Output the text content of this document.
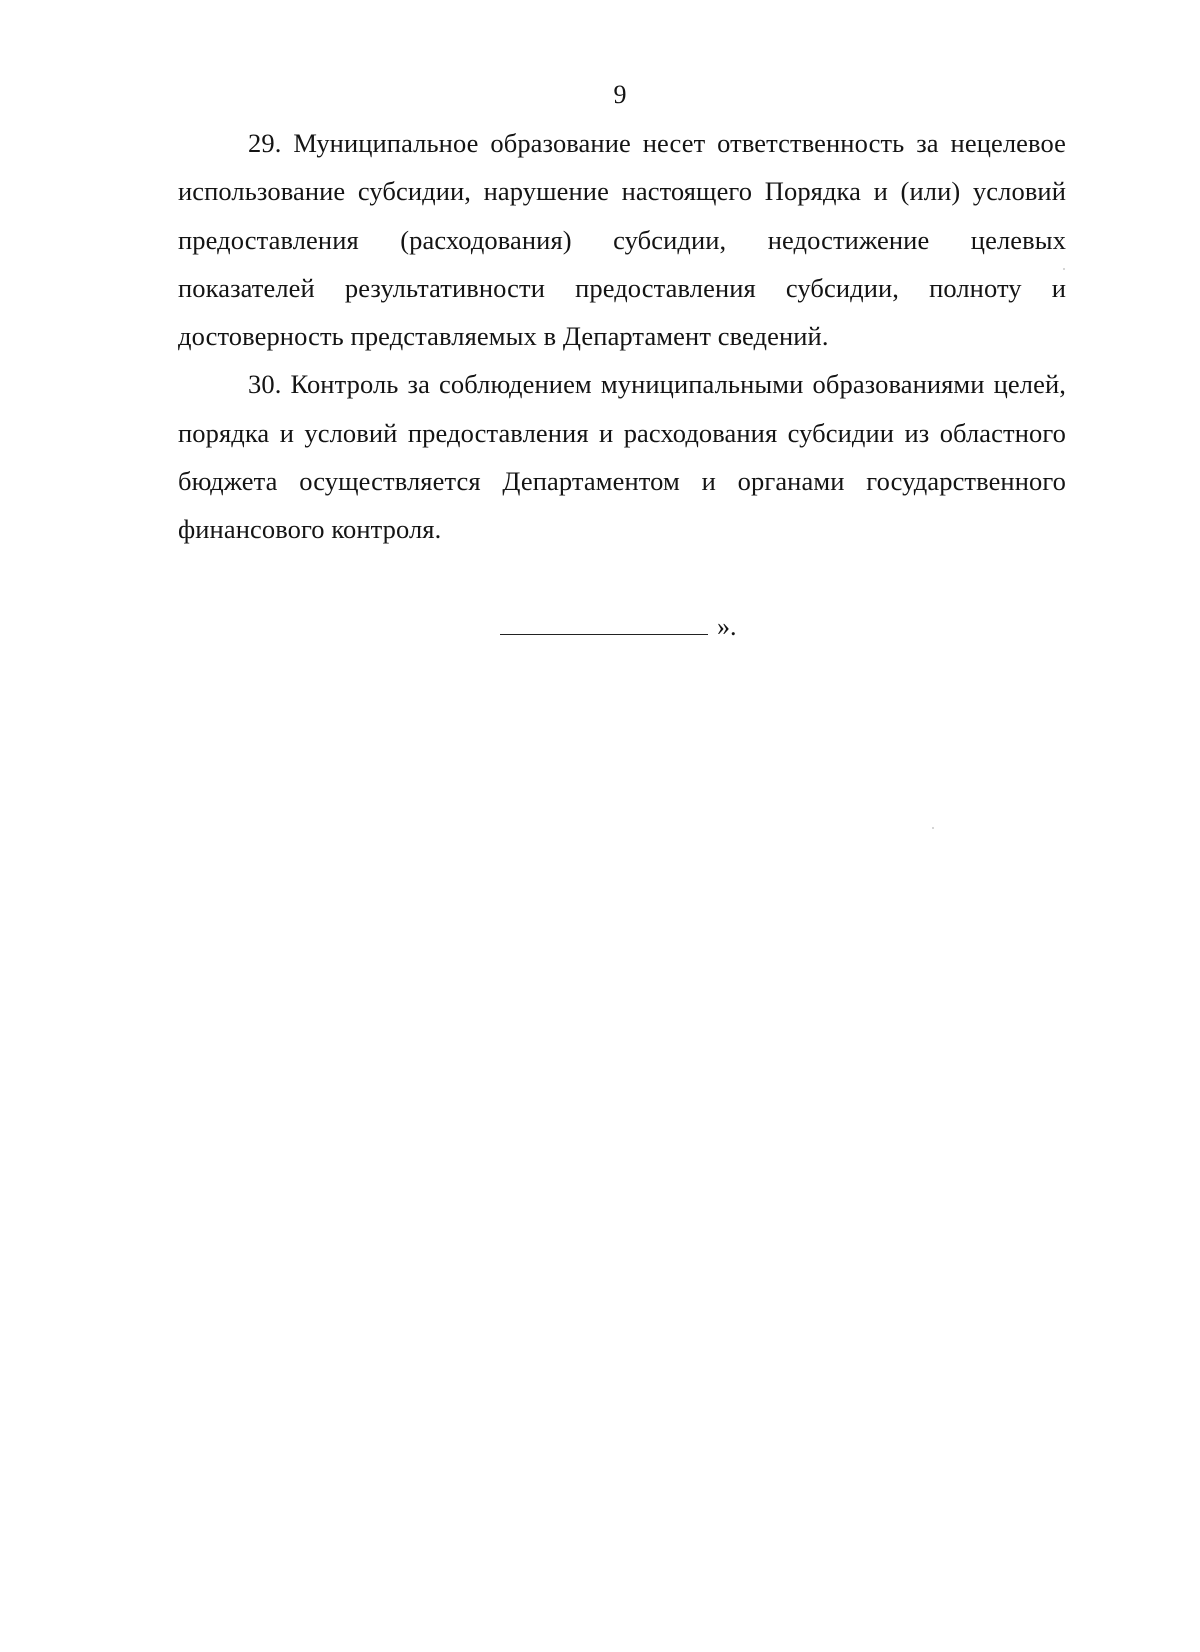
9

29. Муниципальное образование несет ответственность за нецелевое использование субсидии, нарушение настоящего Порядка и (или) условий предоставления (расходования) субсидии, недостижение целевых показателей результативности предоставления субсидии, полноту и достоверность представляемых в Департамент сведений.

30. Контроль за соблюдением муниципальными образованиями целей, порядка и условий предоставления и расходования субсидии из областного бюджета осуществляется Департаментом и органами государственного финансового контроля.

».
